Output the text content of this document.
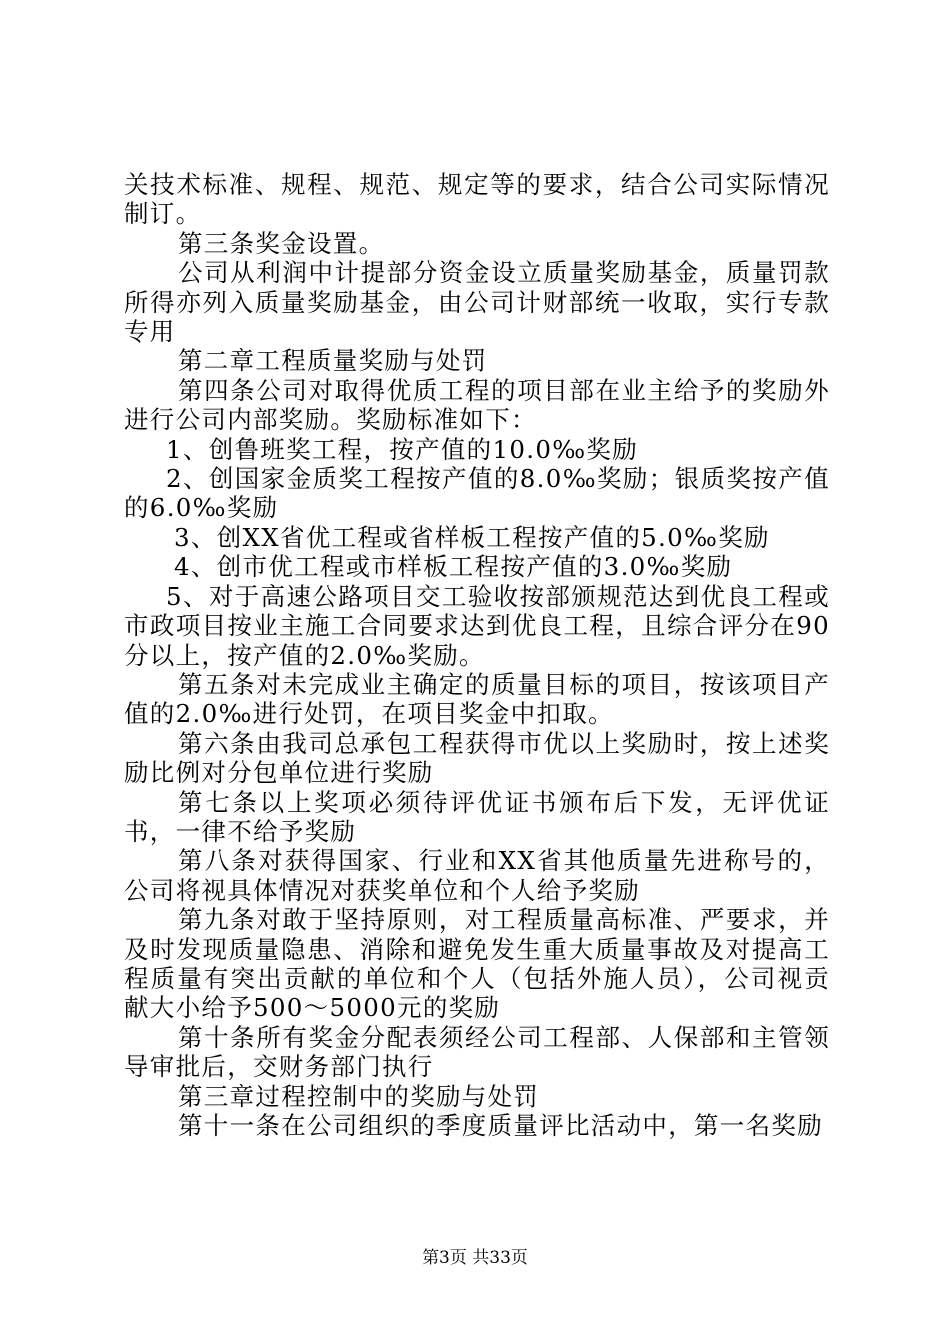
关技术标准、规程、规范、规定等的要求，结合公司实际情况制订。

第三条奖金设置。

公司从利润中计提部分资金设立质量奖励基金，质量罚款所得亦列入质量奖励基金，由公司计财部统一收取，实行专款专用

第二章工程质量奖励与处罚

第四条公司对取得优质工程的项目部在业主给予的奖励外进行公司内部奖励。奖励标准如下：

1、创鲁班奖工程，按产值的10.0‰奖励

2、创国家金质奖工程按产值的8.0‰奖励；银质奖按产值的6.0‰奖励

3、创XX省优工程或省样板工程按产值的5.0‰奖励

4、创市优工程或市样板工程按产值的3.0‰奖励

5、对于高速公路项目交工验收按部颁规范达到优良工程或市政项目按业主施工合同要求达到优良工程，且综合评分在90分以上，按产值的2.0‰奖励。

第五条对未完成业主确定的质量目标的项目，按该项目产值的2.0‰进行处罚，在项目奖金中扣取。

第六条由我司总承包工程获得市优以上奖励时，按上述奖励比例对分包单位进行奖励

第七条以上奖项必须待评优证书颁布后下发，无评优证书，一律不给予奖励

第八条对获得国家、行业和XX省其他质量先进称号的，公司将视具体情况对获奖单位和个人给予奖励

第九条对敢于坚持原则，对工程质量高标准、严要求，并及时发现质量隐患、消除和避免发生重大质量事故及对提高工程质量有突出贡献的单位和个人（包括外施人员），公司视贡献大小给予500～5000元的奖励

第十条所有奖金分配表须经公司工程部、人保部和主管领导审批后，交财务部门执行

第三章过程控制中的奖励与处罚

第十一条在公司组织的季度质量评比活动中，第一名奖励

第3页 共33页
